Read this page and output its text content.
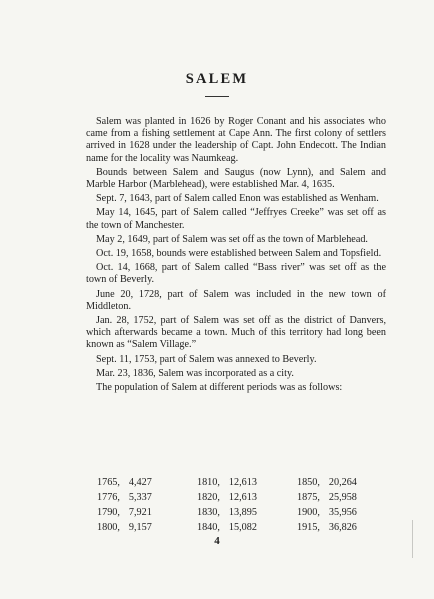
SALEM

Salem was planted in 1626 by Roger Conant and his associates who came from a fishing settlement at Cape Ann. The first colony of settlers arrived in 1628 under the leadership of Capt. John Endecott. The Indian name for the locality was Naumkeag.

Bounds between Salem and Saugus (now Lynn), and Salem and Marble Harbor (Marblehead), were established Mar. 4, 1635.

Sept. 7, 1643, part of Salem called Enon was established as Wenham.

May 14, 1645, part of Salem called “Jeffryes Creeke” was set off as the town of Manchester.

May 2, 1649, part of Salem was set off as the town of Marblehead.

Oct. 19, 1658, bounds were established between Salem and Topsfield.

Oct. 14, 1668, part of Salem called “Bass river” was set off as the town of Beverly.

June 20, 1728, part of Salem was included in the new town of Middleton.

Jan. 28, 1752, part of Salem was set off as the district of Danvers, which afterwards became a town. Much of this territory had long been known as “Salem Village.”

Sept. 11, 1753, part of Salem was annexed to Beverly.

Mar. 23, 1836, Salem was incorporated as a city.

The population of Salem at different periods was as follows:

1765,	4,427	1810,	12,613	1850,	20,264
1776,	5,337	1820,	12,613	1875,	25,958
1790,	7,921	1830,	13,895	1900,	35,956
1800,	9,157	1840,	15,082	1915,	36,826
4
